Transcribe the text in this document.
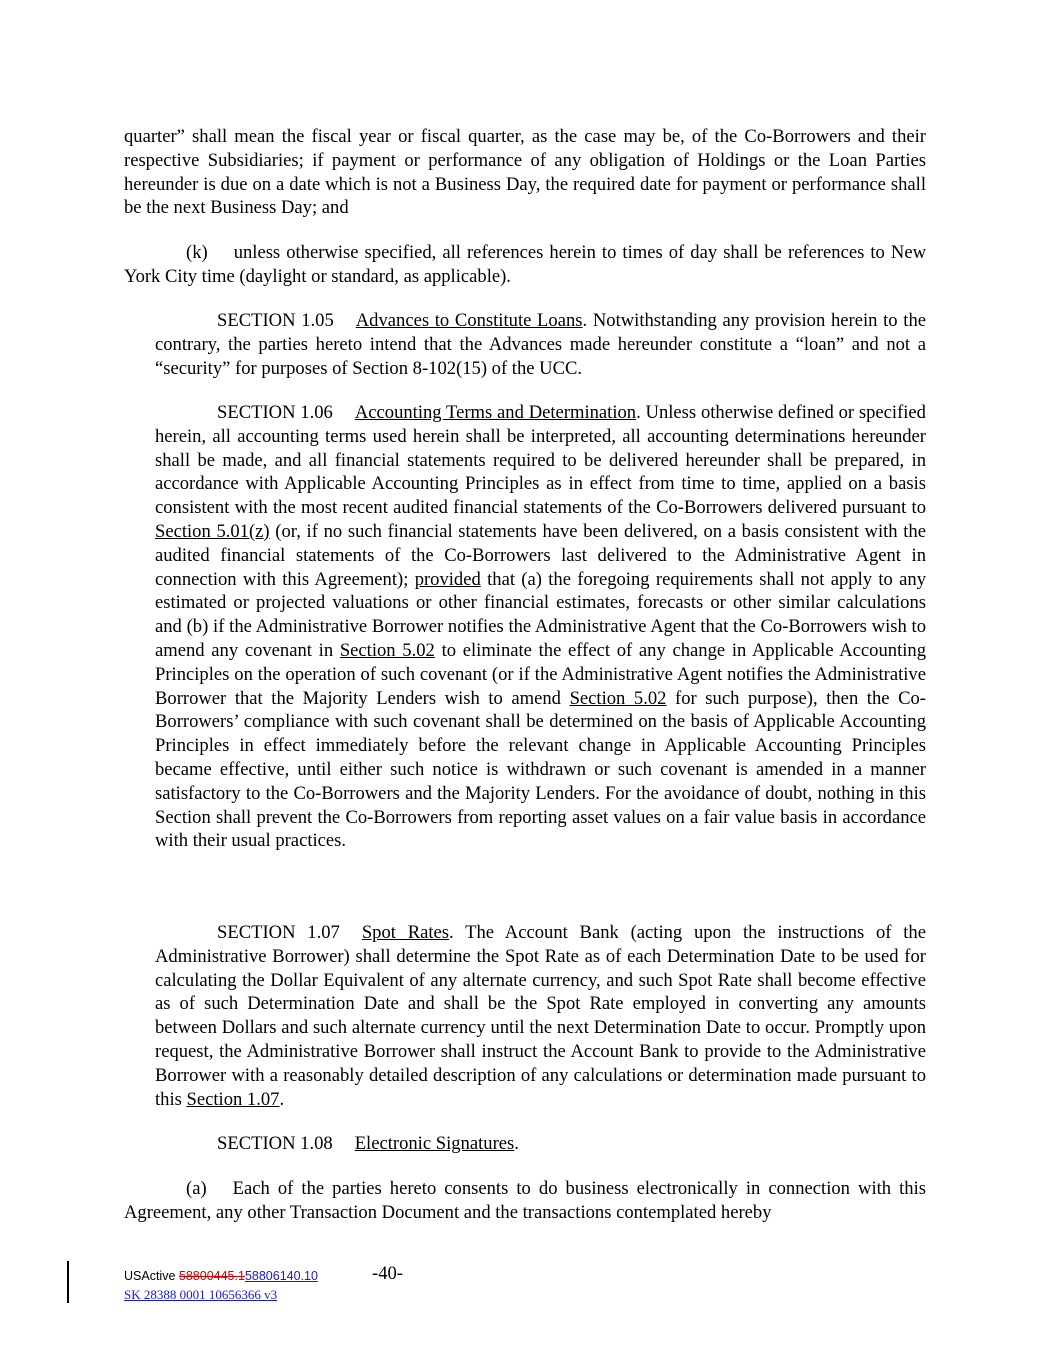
quarter” shall mean the fiscal year or fiscal quarter, as the case may be, of the Co-Borrowers and their respective Subsidiaries; if payment or performance of any obligation of Holdings or the Loan Parties hereunder is due on a date which is not a Business Day, the required date for payment or performance shall be the next Business Day; and

(k) unless otherwise specified, all references herein to times of day shall be references to New York City time (daylight or standard, as applicable).

SECTION 1.05 Advances to Constitute Loans. Notwithstanding any provision herein to the contrary, the parties hereto intend that the Advances made hereunder constitute a “loan” and not a “security” for purposes of Section 8-102(15) of the UCC.

SECTION 1.06 Accounting Terms and Determination. Unless otherwise defined or specified herein, all accounting terms used herein shall be interpreted, all accounting determinations hereunder shall be made, and all financial statements required to be delivered hereunder shall be prepared, in accordance with Applicable Accounting Principles as in effect from time to time, applied on a basis consistent with the most recent audited financial statements of the Co-Borrowers delivered pursuant to Section 5.01(z) (or, if no such financial statements have been delivered, on a basis consistent with the audited financial statements of the Co-Borrowers last delivered to the Administrative Agent in connection with this Agreement); provided that (a) the foregoing requirements shall not apply to any estimated or projected valuations or other financial estimates, forecasts or other similar calculations and (b) if the Administrative Borrower notifies the Administrative Agent that the Co-Borrowers wish to amend any covenant in Section 5.02 to eliminate the effect of any change in Applicable Accounting Principles on the operation of such covenant (or if the Administrative Agent notifies the Administrative Borrower that the Majority Lenders wish to amend Section 5.02 for such purpose), then the Co-Borrowers’ compliance with such covenant shall be determined on the basis of Applicable Accounting Principles in effect immediately before the relevant change in Applicable Accounting Principles became effective, until either such notice is withdrawn or such covenant is amended in a manner satisfactory to the Co-Borrowers and the Majority Lenders. For the avoidance of doubt, nothing in this Section shall prevent the Co-Borrowers from reporting asset values on a fair value basis in accordance with their usual practices.

SECTION 1.07 Spot Rates. The Account Bank (acting upon the instructions of the Administrative Borrower) shall determine the Spot Rate as of each Determination Date to be used for calculating the Dollar Equivalent of any alternate currency, and such Spot Rate shall become effective as of such Determination Date and shall be the Spot Rate employed in converting any amounts between Dollars and such alternate currency until the next Determination Date to occur. Promptly upon request, the Administrative Borrower shall instruct the Account Bank to provide to the Administrative Borrower with a reasonably detailed description of any calculations or determination made pursuant to this Section 1.07.

SECTION 1.08 Electronic Signatures.

(a) Each of the parties hereto consents to do business electronically in connection with this Agreement, any other Transaction Document and the transactions contemplated hereby

USActive 58800445.158806140.10	-40-
SK 28388 0001 10656366 v3
